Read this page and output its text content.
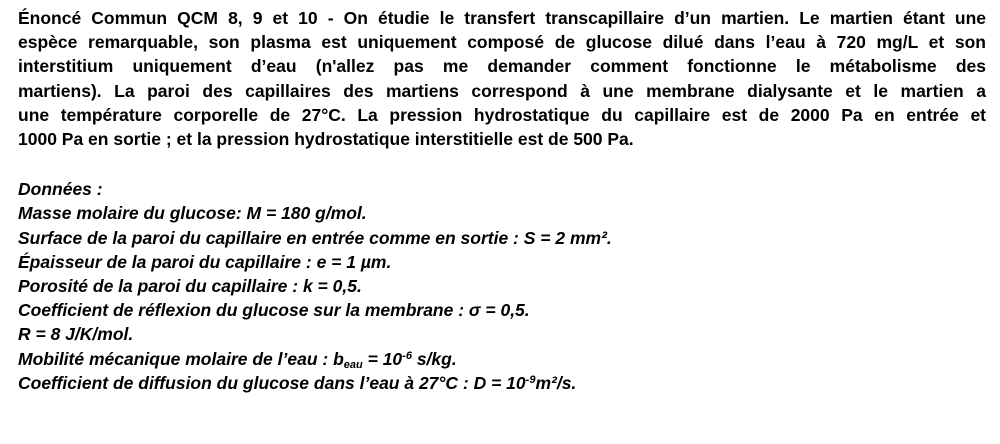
Énoncé Commun QCM 8, 9 et 10 - On étudie le transfert transcapillaire d’un martien. Le martien étant une
espèce remarquable, son plasma est uniquement composé de glucose dilué dans l’eau à 720 mg/L et son
interstitium uniquement d’eau (n'allez pas me demander comment fonctionne le métabolisme des
martiens). La paroi des capillaires des martiens correspond à une membrane dialysante et le martien a
une température corporelle de 27°C. La pression hydrostatique du capillaire est de 2000 Pa en entrée et
1000 Pa en sortie ; et la pression hydrostatique interstitielle est de 500 Pa.
Données :
Masse molaire du glucose: M = 180 g/mol.
Surface de la paroi du capillaire en entrée comme en sortie : S = 2 mm².
Épaisseur de la paroi du capillaire : e = 1 µm.
Porosité de la paroi du capillaire : k = 0,5.
Coefficient de réflexion du glucose sur la membrane : σ = 0,5.
R = 8 J/K/mol.
Mobilité mécanique molaire de l’eau : $b_{eau} = 10^{-6}$ s/kg.
Coefficient de diffusion du glucose dans l’eau à 27°C : $D = 10^{-9}m^2/s$.
